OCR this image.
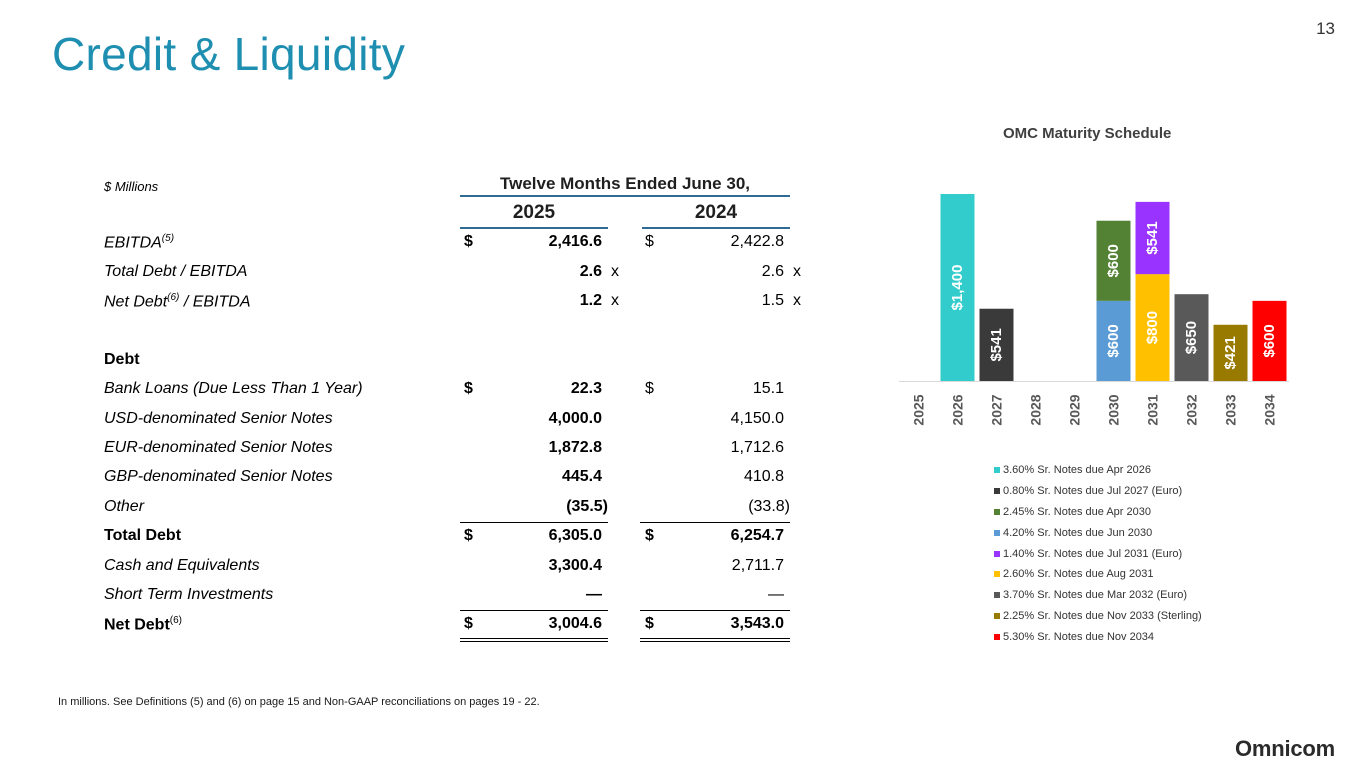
13
Credit & Liquidity
$ Millions	Twelve Months Ended June 30,
2025	2024
EBITDA$^{(5)}$	$	2,416.6	$	2,422.8
Total Debt / EBITDA	2.6 x	2.6 x
Net Debt$^{(6)}$ / EBITDA	1.2 x	1.5 x
Debt
Bank Loans (Due Less Than 1 Year)	$	22.3	$	15.1
USD-denominated Senior Notes	4,000.0	4,150.0
EUR-denominated Senior Notes	1,872.8	1,712.6
GBP-denominated Senior Notes	445.4	410.8
Other	(35.5)	(33.8)
Total Debt	$	6,305.0	$	6,254.7
Cash and Equivalents	3,300.4	2,711.7
Short Term Investments	—	—
Net Debt$^{(6)}$	$	3,004.6	$	3,543.0
In millions. See Definitions (5) and (6) on page 15 and Non-GAAP reconciliations on pages 19 - 22.
OMC Maturity Schedule
$1,400
$541	$600
$600
$800
$541
$650 $421 $600
2025 2026 2027 2028 2029 2030 2031 2032 2033 2034
3.60% Sr. Notes due Apr 2026
0.80% Sr. Notes due Jul 2027 (Euro)
2.45% Sr. Notes due Apr 2030
4.20% Sr. Notes due Jun 2030
1.40% Sr. Notes due Jul 2031 (Euro)
2.60% Sr. Notes due Aug 2031
3.70% Sr. Notes due Mar 2032 (Euro)
2.25% Sr. Notes due Nov 2033 (Sterling)
5.30% Sr. Notes due Nov 2034
Omnicom
